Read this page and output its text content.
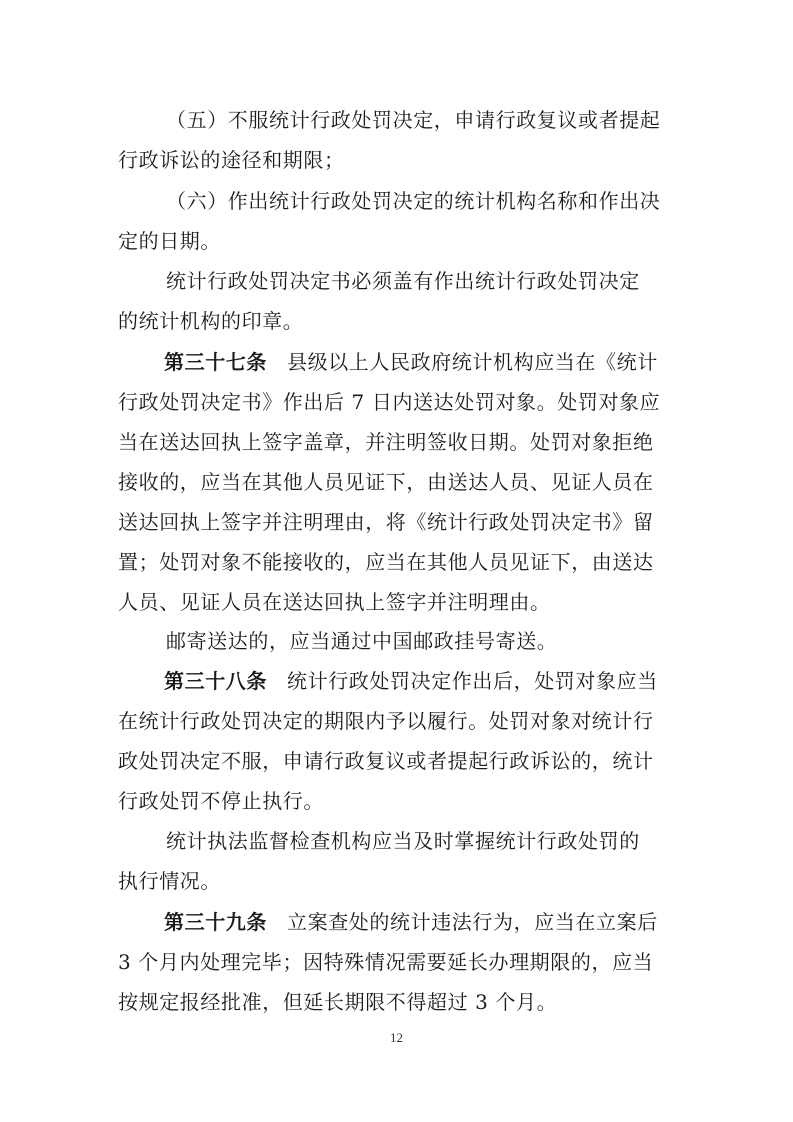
（五）不服统计行政处罚决定，申请行政复议或者提起
行政诉讼的途径和期限；
（六）作出统计行政处罚决定的统计机构名称和作出决
定的日期。
统计行政处罚决定书必须盖有作出统计行政处罚决定
的统计机构的印章。
第三十七条 县级以上人民政府统计机构应当在《统计
行政处罚决定书》作出后 7 日内送达处罚对象。处罚对象应
当在送达回执上签字盖章，并注明签收日期。处罚对象拒绝
接收的，应当在其他人员见证下，由送达人员、见证人员在
送达回执上签字并注明理由，将《统计行政处罚决定书》留
置；处罚对象不能接收的，应当在其他人员见证下，由送达
人员、见证人员在送达回执上签字并注明理由。
邮寄送达的，应当通过中国邮政挂号寄送。
第三十八条 统计行政处罚决定作出后，处罚对象应当
在统计行政处罚决定的期限内予以履行。处罚对象对统计行
政处罚决定不服，申请行政复议或者提起行政诉讼的，统计
行政处罚不停止执行。
统计执法监督检查机构应当及时掌握统计行政处罚的
执行情况。
第三十九条 立案查处的统计违法行为，应当在立案后
3 个月内处理完毕；因特殊情况需要延长办理期限的，应当
按规定报经批准，但延长期限不得超过 3 个月。
12
